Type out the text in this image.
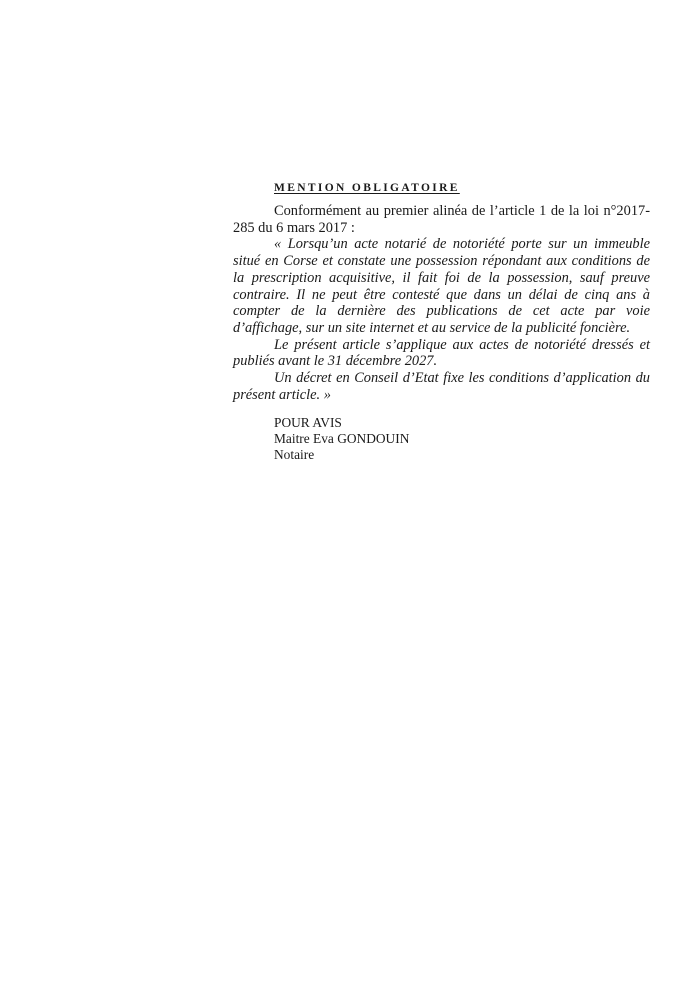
MENTION OBLIGATOIRE

Conformément au premier alinéa de l’article 1 de la loi n°2017-285 du 6 mars 2017 :

« Lorsqu’un acte notarié de notoriété porte sur un immeuble situé en Corse et constate une possession répondant aux conditions de la prescription acquisitive, il fait foi de la possession, sauf preuve contraire. Il ne peut être contesté que dans un délai de cinq ans à compter de la dernière des publications de cet acte par voie d’affichage, sur un site internet et au service de la publicité foncière.

Le présent article s’applique aux actes de notoriété dressés et publiés avant le 31 décembre 2027.

Un décret en Conseil d’Etat fixe les conditions d’application du présent article. »

POUR AVIS
Maitre Eva GONDOUIN
Notaire
